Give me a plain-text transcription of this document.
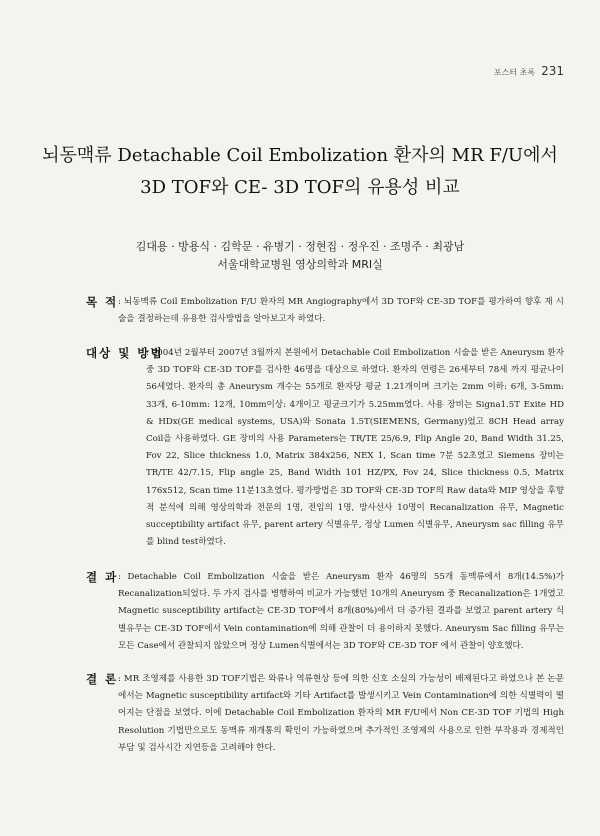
포스터 초록 231
뇌동맥류 Detachable Coil Embolization 환자의 MR F/U에서
3D TOF와 CE- 3D TOF의 유용성 비교
김대용 · 방용식 · 김학문 · 유병기 · 정현집 · 정우진 · 조명주 · 최광남
서울대학교병원 영상의학과 MRI실
목 적 : 뇌동맥류 Coil Embolization F/U 환자의 MR Angiography에서 3D TOF와 CE-3D TOF를 평가하여 향후 재 시술을 결정하는데 유용한 검사방법을 알아보고자 하였다.
대상 및 방법
: 2004년 2월부터 2007년 3월까지 본원에서 Detachable Coil Embolization 시술을 받은 Aneurysm 환자 중 3D TOF와 CE-3D TOF를 검사한 46명을 대상으로 하였다. 환자의 연령은 26세부터 78세 까지 평균나이 56세였다. 환자의 총 Aneurysm 개수는 55개로 환자당 평균 1.21개이며 크기는 2mm 이하: 6개, 3-5mm: 33개, 6-10mm: 12개, 10mm이상: 4개이고 평균크기가 5.25mm였다. 사용 장비는 Signa1.5T Exite HD & HDx(GE medical systems, USA)와 Sonata 1.5T(SIEMENS, Germany)었고 8CH Head array Coil을 사용하였다. GE 장비의 사용 Parameters는 TR/TE 25/6.9, Flip Angle 20, Band Width 31.25, Fov 22, Slice thickness 1.0, Matrix 384x256, NEX 1, Scan time 7분 52초였고 Siemens 장비는 TR/TE 42/7.15, Flip angle 25, Band Width 101 HZ/PX, Fov 24, Slice thickness 0.5, Matrix 176x512, Scan time 11분13초였다. 평가방법은 3D TOF와 CE-3D TOF의 Raw data와 MIP 영상을 후향적 분석에 의해 영상의학과 전문의 1명, 전임의 1명, 방사선사 10명이 Recanalization 유무, Magnetic succeptibility artifact 유무, parent artery 식별유무, 정상 Lumen 식별유무, Aneurysm sac filling 유무를 blind test하였다.
결 과 : Detachable Coil Embolization 시술을 받은 Aneurysm 환자 46명의 55개 동맥류에서 8개(14.5%)가 Recanalization되었다. 두 가지 검사를 병행하여 비교가 가능했던 10개의 Aneurysm 중 Recanalization은 1개였고 Magnetic susceptibility artifact는 CE-3D TOF에서 8개(80%)에서 더 증가된 결과를 보였고 parent artery 식별유무는 CE-3D TOF에서 Vein contamination에 의해 관찰이 더 용이하지 못했다. Aneurysm Sac filling 유무는 모든 Case에서 관찰되지 않았으며 정상 Lumen식별에서는 3D TOF와 CE-3D TOF 에서 관찰이 양호했다.
결 론 : MR 조영제를 사용한 3D TOF기법은 와류나 역류현상 등에 의한 신호 소실의 가능성이 배제된다고 하였으나 본 논문에서는 Magnetic susceptibility artifact와 기타 Artifact를 발생시키고 Vein Contamination에 의한 식별력이 떨어지는 단점을 보였다. 이에 Detachable Coil Embolization 환자의 MR F/U에서 Non CE-3D TOF 기법의 High Resolution 기법만으로도 동맥류 재개통의 확인이 가능하였으며 추가적인 조영제의 사용으로 인한 부작용과 경제적인 부담 및 검사시간 지연등을 고려해야 한다.
